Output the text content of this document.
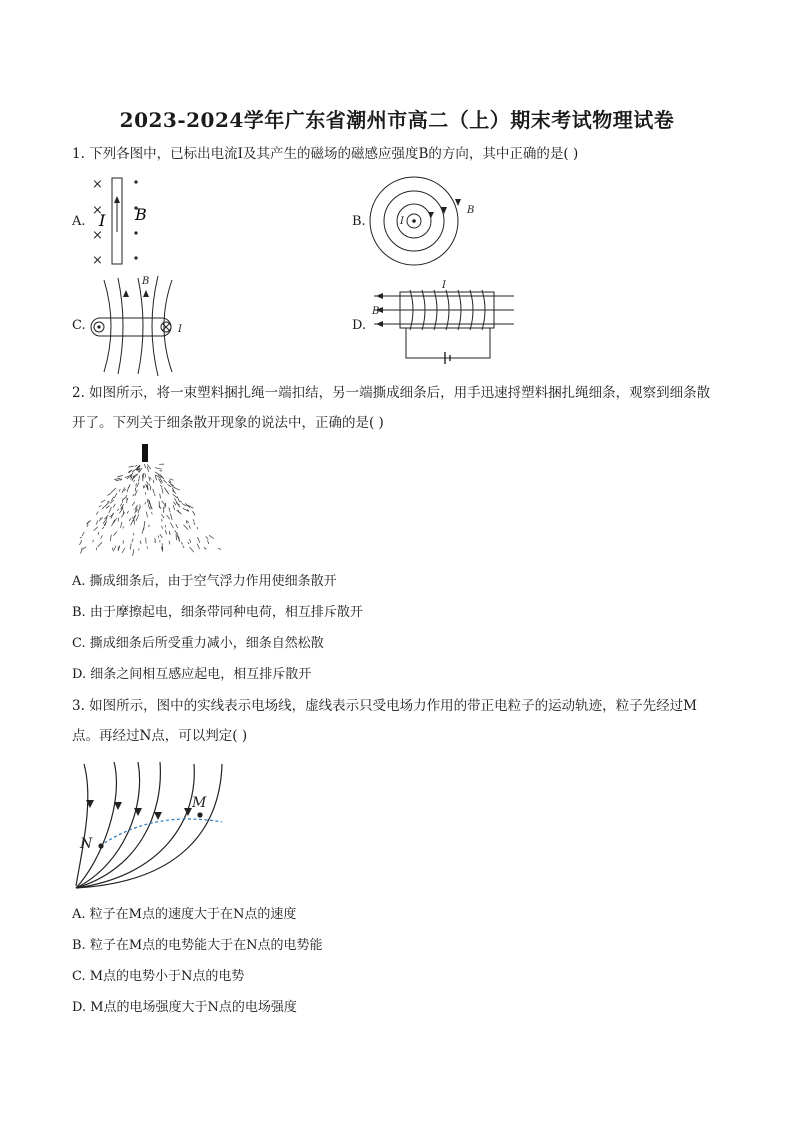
2023-2024学年广东省潮州市高二（上）期末考试物理试卷
1. 下列各图中，已标出电流I及其产生的磁场的磁感应强度B的方向，其中正确的是( )
A.
×
×
×
×
I B	B.	I
B
C.
B
I	D.
I
B
2. 如图所示，将一束塑料捆扎绳一端扣结，另一端撕成细条后，用手迅速捋塑料捆扎绳细条，观察到细条散开了。下列关于细条散开现象的说法中，正确的是( )
A. 撕成细条后，由于空气浮力作用使细条散开
B. 由于摩擦起电，细条带同种电荷，相互排斥散开
C. 撕成细条后所受重力减小，细条自然松散
D. 细条之间相互感应起电，相互排斥散开
3. 如图所示，图中的实线表示电场线，虚线表示只受电场力作用的带正电粒子的运动轨迹，粒子先经过M点。再经过N点，可以判定( )
N
M
A. 粒子在M点的速度大于在N点的速度
B. 粒子在M点的电势能大于在N点的电势能
C. M点的电势小于N点的电势
D. M点的电场强度大于N点的电场强度
